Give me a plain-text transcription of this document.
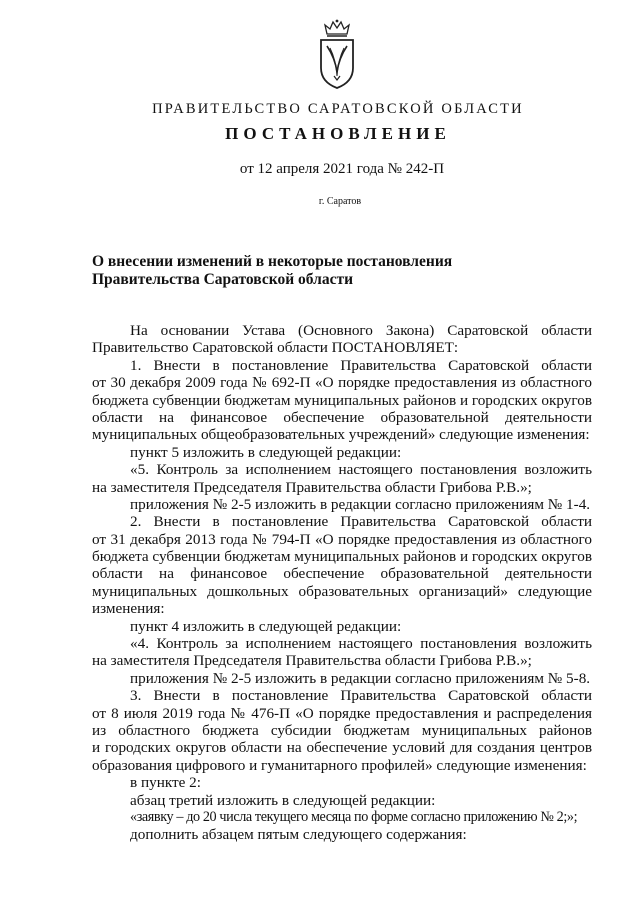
ПРАВИТЕЛЬСТВО САРАТОВСКОЙ ОБЛАСТИ
ПОСТАНОВЛЕНИЕ
от 12 апреля 2021 года № 242-П
г. Саратов
О внесении изменений в некоторые постановления
Правительства Саратовской области
На основании Устава (Основного Закона) Саратовской области
Правительство Саратовской области ПОСТАНОВЛЯЕТ:
1. Внести в постановление Правительства Саратовской области
от 30 декабря 2009 года № 692-П «О порядке предоставления из областного
бюджета субвенции бюджетам муниципальных районов и городских округов
области на финансовое обеспечение образовательной деятельности
муниципальных общеобразовательных учреждений» следующие изменения:
пункт 5 изложить в следующей редакции:
«5. Контроль за исполнением настоящего постановления возложить
на заместителя Председателя Правительства области Грибова Р.В.»;
приложения № 2-5 изложить в редакции согласно приложениям № 1-4.
2. Внести в постановление Правительства Саратовской области
от 31 декабря 2013 года № 794-П «О порядке предоставления из областного
бюджета субвенции бюджетам муниципальных районов и городских округов
области на финансовое обеспечение образовательной деятельности
муниципальных дошкольных образовательных организаций» следующие
изменения:
пункт 4 изложить в следующей редакции:
«4. Контроль за исполнением настоящего постановления возложить
на заместителя Председателя Правительства области Грибова Р.В.»;
приложения № 2-5 изложить в редакции согласно приложениям № 5-8.
3. Внести в постановление Правительства Саратовской области
от 8 июля 2019 года № 476-П «О порядке предоставления и распределения
из областного бюджета субсидии бюджетам муниципальных районов
и городских округов области на обеспечение условий для создания центров
образования цифрового и гуманитарного профилей» следующие изменения:
в пункте 2:
абзац третий изложить в следующей редакции:
«заявку – до 20 числа текущего месяца по форме согласно приложению № 2;»;
дополнить абзацем пятым следующего содержания:
